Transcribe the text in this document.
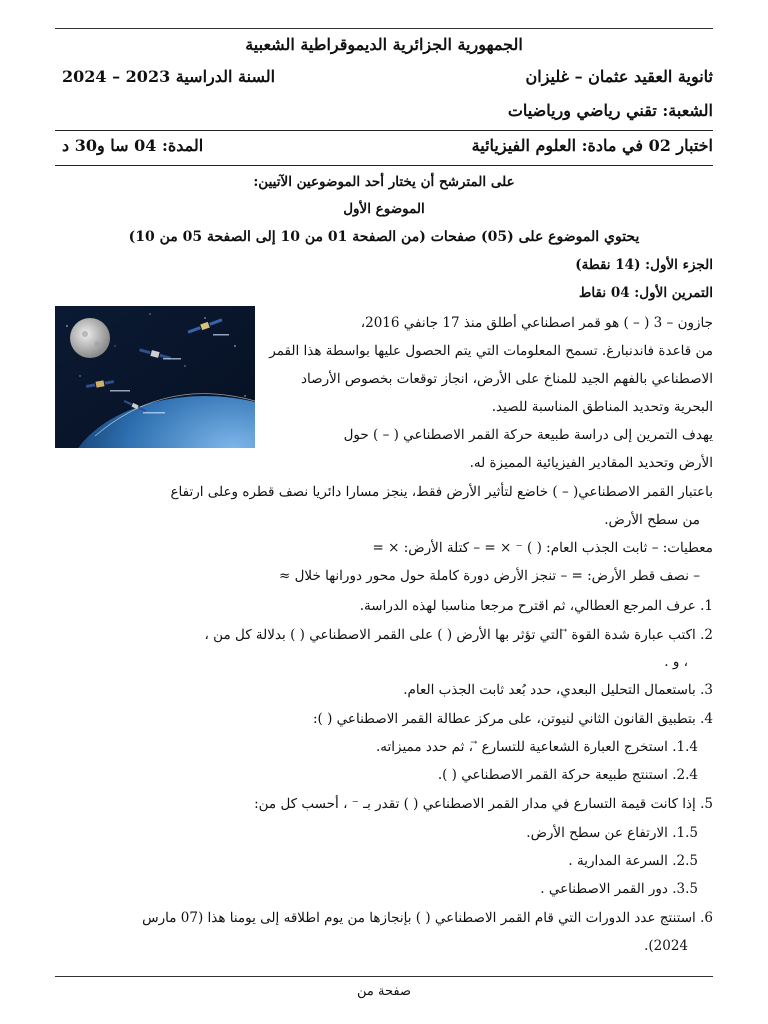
الجمهورية الجزائرية الديموقراطية الشعبية
ثانوية العقيد عثمان – غليزان
السنة الدراسية 2023 – 2024
الشعبة: تقني رياضي ورياضيات
اختبار 02 في مادة: العلوم الفيزيائية
المدة: 04 سا و30 د
على المترشح أن يختار أحد الموضوعين الآتيين:
الموضوع الأول
يحتوي الموضوع على (05) صفحات (من الصفحة 01 من 10 إلى الصفحة 05 من 10)
الجزء الأول: (14 نقطة)
التمرين الأول: 04 نقاط
جازون – 3 ( – ) هو قمر اصطناعي أطلق منذ 17 جانفي 2016،
من قاعدة فاندنبارغ. تسمح المعلومات التي يتم الحصول عليها بواسطة هذا القمر
الاصطناعي بالفهم الجيد للمناخ على الأرض، انجاز توقعات بخصوص الأرصاد
البحرية وتحديد المناطق المناسبة للصيد.
يهدف التمرين إلى دراسة طبيعة حركة القمر الاصطناعي ( – ) حول
الأرض وتحديد المقادير الفيزيائية المميزة له.
باعتبار القمر الاصطناعي( – ) خاضع لتأثير الأرض فقط، ينجز مسارا دائريا نصف قطره وعلى ارتفاع
من سطح الأرض.
معطيات: – ثابت الجذب العام: ( ) ⁻ × = – كتلة الأرض: × =
– نصف قطر الأرض: = – تنجز الأرض دورة كاملة حول محور دورانها خلال ≈
1. عرف المرجع العطالي، ثم اقترح مرجعا مناسبا لهذه الدراسة.
2. اكتب عبارة شدة القوة ⃗ التي تؤثر بها الأرض ( ) على القمر الاصطناعي ( ) بدلالة كل من ،
، و .
3. باستعمال التحليل البعدي، حدد بُعد ثابت الجذب العام.
4. بتطبيق القانون الثاني لنيوتن، على مركز عطالة القمر الاصطناعي ( ):
1.4. استخرج العبارة الشعاعية للتسارع ⃗ ، ثم حدد مميزاته.
2.4. استنتج طبيعة حركة القمر الاصطناعي ( ).
5. إذا كانت قيمة التسارع في مدار القمر الاصطناعي ( ) تقدر بـ ⁻ ، أحسب كل من:
1.5. الارتفاع عن سطح الأرض.
2.5. السرعة المدارية .
3.5. دور القمر الاصطناعي .
6. استنتج عدد الدورات التي قام القمر الاصطناعي ( ) بإنجازها من يوم اطلاقه إلى يومنا هذا (07 مارس
2024).
صفحة من
